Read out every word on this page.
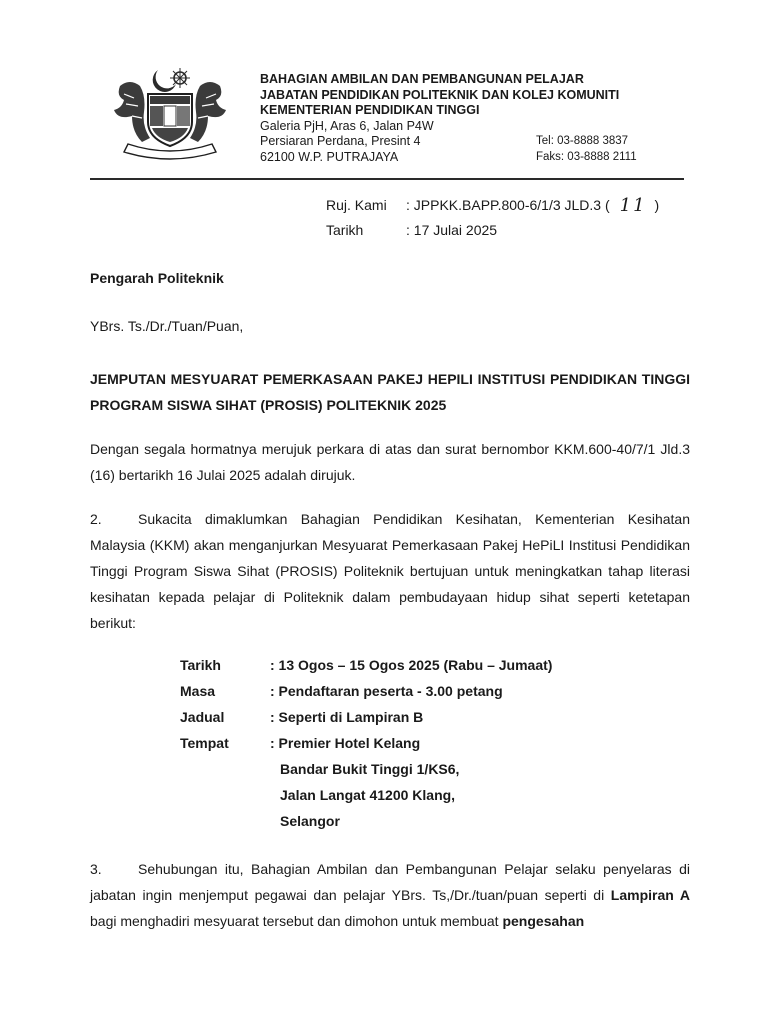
BAHAGIAN AMBILAN DAN PEMBANGUNAN PELAJAR
JABATAN PENDIDIKAN POLITEKNIK DAN KOLEJ KOMUNITI
KEMENTERIAN PENDIDIKAN TINGGI
Galeria PjH, Aras 6, Jalan P4W
Persiaran Perdana, Presint 4	Tel: 03-8888 3837
62100 W.P. PUTRAJAYA	Faks: 03-8888 2111
Ruj. Kami	: JPPKK.BAPP.800-6/1/3 JLD.3 ( 11 )
Tarikh	: 17 Julai 2025

Pengarah Politeknik

YBrs. Ts./Dr./Tuan/Puan,

JEMPUTAN MESYUARAT PEMERKASAAN PAKEJ HEPILI INSTITUSI PENDIDIKAN TINGGI PROGRAM SISWA SIHAT (PROSIS) POLITEKNIK 2025

Dengan segala hormatnya merujuk perkara di atas dan surat bernombor KKM.600-40/7/1 Jld.3 (16) bertarikh 16 Julai 2025 adalah dirujuk.

2.	Sukacita dimaklumkan Bahagian Pendidikan Kesihatan, Kementerian Kesihatan Malaysia (KKM) akan menganjurkan Mesyuarat Pemerkasaan Pakej HePiLI Institusi Pendidikan Tinggi Program Siswa Sihat (PROSIS) Politeknik bertujuan untuk meningkatkan tahap literasi kesihatan kepada pelajar di Politeknik dalam pembudayaan hidup sihat seperti ketetapan berikut:

Tarikh	: 13 Ogos – 15 Ogos 2025 (Rabu – Jumaat)
Masa	: Pendaftaran peserta - 3.00 petang
Jadual	: Seperti di Lampiran B
Tempat	: Premier Hotel Kelang
Bandar Bukit Tinggi 1/KS6,
Jalan Langat 41200 Klang,
Selangor

3.	Sehubungan itu, Bahagian Ambilan dan Pembangunan Pelajar selaku penyelaras di jabatan ingin menjemput pegawai dan pelajar YBrs. Ts,/Dr./tuan/puan seperti di Lampiran A bagi menghadiri mesyuarat tersebut dan dimohon untuk membuat pengesahan
